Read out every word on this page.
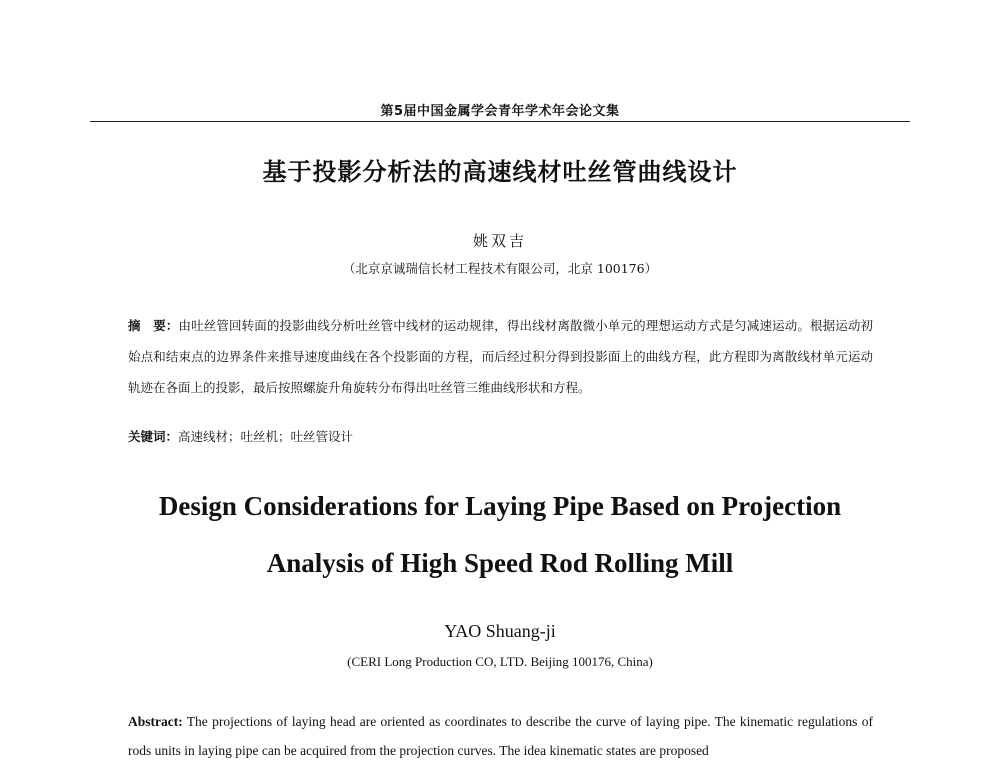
第5届中国金属学会青年学术年会论文集
基于投影分析法的高速线材吐丝管曲线设计
姚双吉
（北京京诚瑞信长材工程技术有限公司，北京 100176）
摘　要：由吐丝管回转面的投影曲线分析吐丝管中线材的运动规律，得出线材离散微小单元的理想运动方式是匀减速运动。根据运动初始点和结束点的边界条件来推导速度曲线在各个投影面的方程，而后经过积分得到投影面上的曲线方程，此方程即为离散线材单元运动轨迹在各面上的投影，最后按照螺旋升角旋转分布得出吐丝管三维曲线形状和方程。
关键词：高速线材；吐丝机；吐丝管设计
Design Considerations for Laying Pipe Based on Projection
Analysis of High Speed Rod Rolling Mill
YAO Shuang-ji
(CERI Long Production CO, LTD. Beijing 100176, China)
Abstract: The projections of laying head are oriented as coordinates to describe the curve of laying pipe. The kinematic regulations of rods units in laying pipe can be acquired from the projection curves. The idea kinematic states are proposed
